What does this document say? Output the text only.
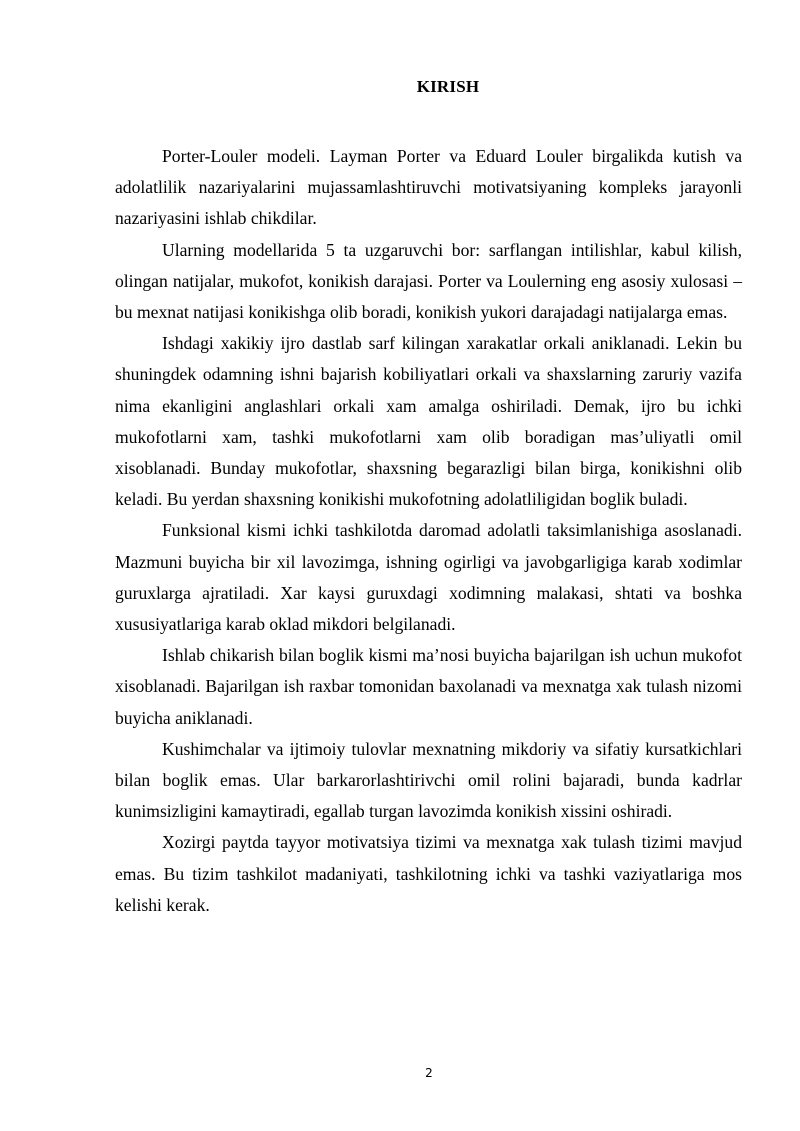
KIRISH

Porter-Louler modeli. Layman Porter va Eduard Louler birgalikda kutish va adolatlilik nazariyalarini mujassamlashtiruvchi motivatsiyaning kompleks jarayonli nazariyasini ishlab chikdilar.

Ularning modellarida 5 ta uzgaruvchi bor: sarflangan intilishlar, kabul kilish, olingan natijalar, mukofot, konikish darajasi. Porter va Loulerning eng asosiy xulosasi – bu mexnat natijasi konikishga olib boradi, konikish yukori darajadagi natijalarga emas.

Ishdagi xakikiy ijro dastlab sarf kilingan xarakatlar orkali aniklanadi. Lekin bu shuningdek odamning ishni bajarish kobiliyatlari orkali va shaxslarning zaruriy vazifa nima ekanligini anglashlari orkali xam amalga oshiriladi. Demak, ijro bu ichki mukofotlarni xam, tashki mukofotlarni xam olib boradigan mas’uliyatli omil xisoblanadi. Bunday mukofotlar, shaxsning begarazligi bilan birga, konikishni olib keladi. Bu yerdan shaxsning konikishi mukofotning adolatliligidan boglik buladi.

Funksional kismi ichki tashkilotda daromad adolatli taksimlanishiga asoslanadi. Mazmuni buyicha bir xil lavozimga, ishning ogirligi va javobgarligiga karab xodimlar guruxlarga ajratiladi. Xar kaysi guruxdagi xodimning malakasi, shtati va boshka xususiyatlariga karab oklad mikdori belgilanadi.

Ishlab chikarish bilan boglik kismi ma’nosi buyicha bajarilgan ish uchun mukofot xisoblanadi. Bajarilgan ish raxbar tomonidan baxolanadi va mexnatga xak tulash nizomi buyicha aniklanadi.

Kushimchalar va ijtimoiy tulovlar mexnatning mikdoriy va sifatiy kursatkichlari bilan boglik emas. Ular barkarorlashtirivchi omil rolini bajaradi, bunda kadrlar kunimsizligini kamaytiradi, egallab turgan lavozimda konikish xissini oshiradi.

Xozirgi paytda tayyor motivatsiya tizimi va mexnatga xak tulash tizimi mavjud emas. Bu tizim tashkilot madaniyati, tashkilotning ichki va tashki vaziyatlariga mos kelishi kerak.

2
